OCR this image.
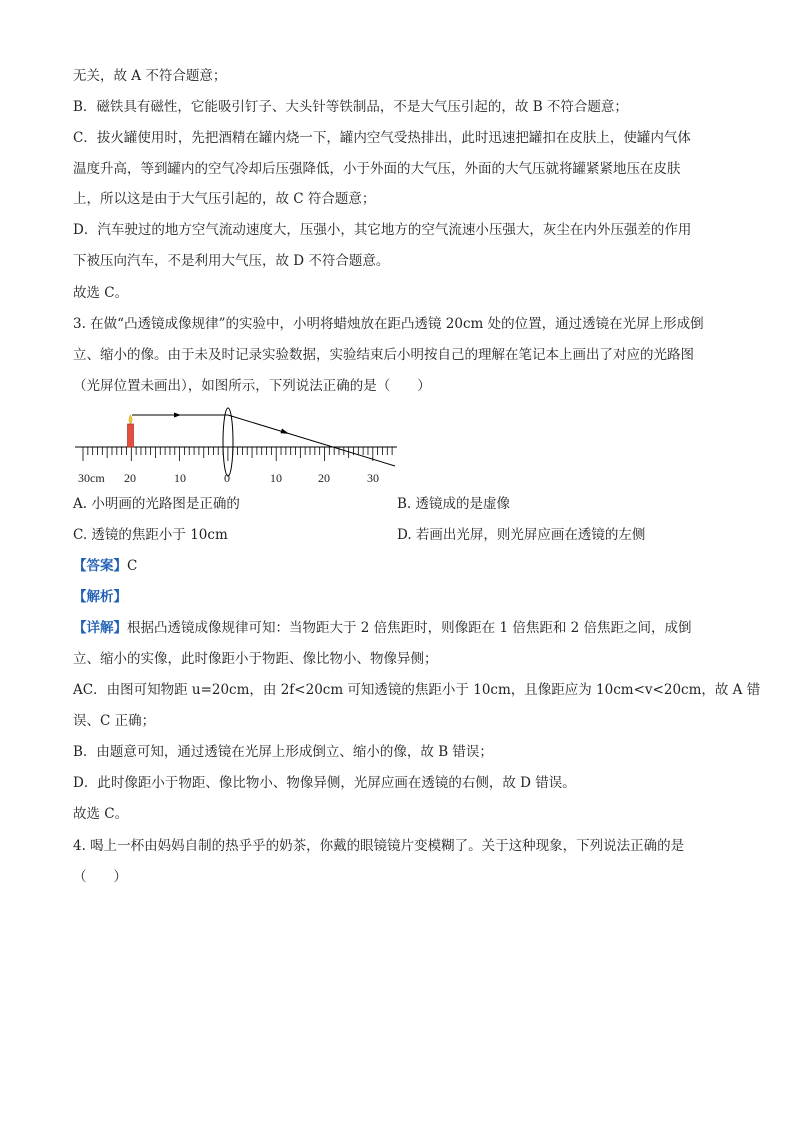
无关，故 A 不符合题意；
B．磁铁具有磁性，它能吸引钉子、大头针等铁制品，不是大气压引起的，故 B 不符合题意；
C．拔火罐使用时，先把酒精在罐内烧一下，罐内空气受热排出，此时迅速把罐扣在皮肤上，使罐内气体
温度升高，等到罐内的空气冷却后压强降低，小于外面的大气压，外面的大气压就将罐紧紧地压在皮肤
上，所以这是由于大气压引起的，故 C 符合题意；
D．汽车驶过的地方空气流动速度大，压强小，其它地方的空气流速小压强大，灰尘在内外压强差的作用
下被压向汽车，不是利用大气压，故 D 不符合题意。
故选 C。
3. 在做“凸透镜成像规律”的实验中，小明将蜡烛放在距凸透镜 20cm 处的位置，通过透镜在光屏上形成倒
立、缩小的像。由于未及时记录实验数据，实验结束后小明按自己的理解在笔记本上画出了对应的光路图
（光屏位置未画出），如图所示，下列说法正确的是（　　）
30cm 20	10	0	10	20	30
A. 小明画的光路图是正确的	B. 透镜成的是虚像
C. 透镜的焦距小于 10cm	D. 若画出光屏，则光屏应画在透镜的左侧
【答案】C
【解析】
【详解】根据凸透镜成像规律可知：当物距大于 2 倍焦距时，则像距在 1 倍焦距和 2 倍焦距之间，成倒
立、缩小的实像，此时像距小于物距、像比物小、物像异侧；
AC．由图可知物距 u=20cm，由 2f<20cm 可知透镜的焦距小于 10cm，且像距应为 10cm<v<20cm，故 A 错
误、C 正确；
B．由题意可知，通过透镜在光屏上形成倒立、缩小的像，故 B 错误；
D．此时像距小于物距、像比物小、物像异侧，光屏应画在透镜的右侧，故 D 错误。
故选 C。
4. 喝上一杯由妈妈自制的热乎乎的奶茶，你戴的眼镜镜片变模糊了。关于这种现象，下列说法正确的是
（　　）
